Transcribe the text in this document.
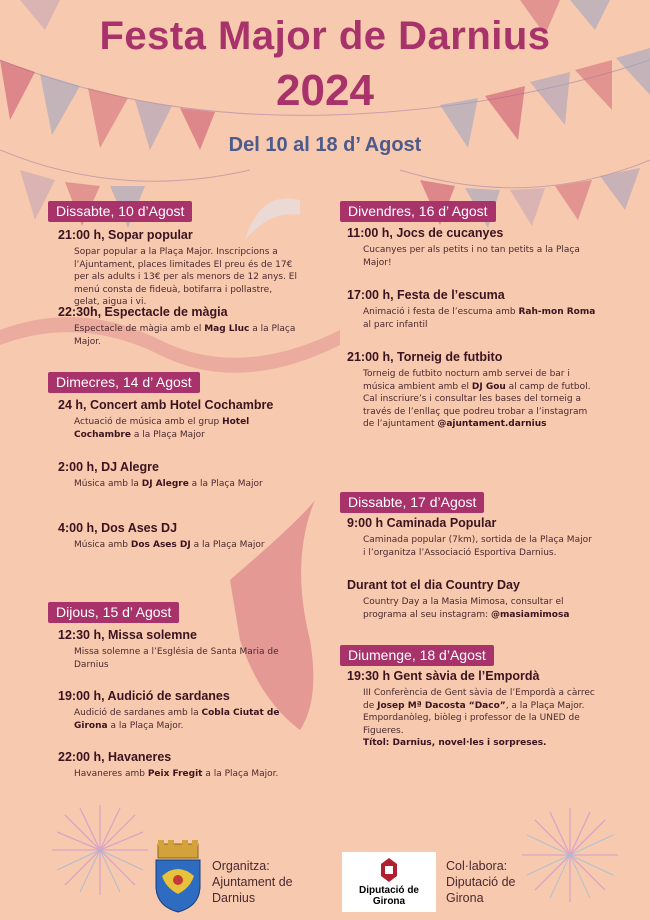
Festa Major de Darnius
2024
Del 10 al 18 d’ Agost
Dissabte, 10 d’Agost
21:00 h, Sopar popular

Sopar popular a la Plaça Major. Inscripcions a l’Ajuntament, places limitades El preu és de 17€ per als adults i 13€ per als menors de 12 anys. El menú consta de fideuà, botifarra i pollastre, gelat, aigua i vi.

22:30h, Espectacle de màgia

Espectacle de màgia amb el Mag Lluc a la Plaça Major.

Dimecres, 14 d’ Agost
24 h, Concert amb Hotel Cochambre

Actuació de música amb el grup Hotel Cochambre a la Plaça Major

2:00 h, DJ Alegre

Música amb la DJ Alegre a la Plaça Major

4:00 h, Dos Ases DJ

Música amb Dos Ases DJ a la Plaça Major

Dijous, 15 d’ Agost
12:30 h, Missa solemne

Missa solemne a l’Església de Santa Maria de Darnius

19:00 h, Audició de sardanes

Audició de sardanes amb la Cobla Ciutat de Girona a la Plaça Major.

22:00 h, Havaneres

Havaneres amb Peix Fregit a la Plaça Major.

Divendres, 16 d’ Agost
11:00 h, Jocs de cucanyes

Cucanyes per als petits i no tan petits a la Plaça Major!

17:00 h, Festa de l’escuma

Animació i festa de l’escuma amb Rah-mon Roma al parc infantil

21:00 h, Torneig de futbito

Torneig de futbito nocturn amb servei de bar i música ambient amb el DJ Gou al camp de futbol. Cal inscriure’s i consultar les bases del torneig a través de l’enllaç que podreu trobar a l’instagram de l’ajuntament @ajuntament.darnius

Dissabte, 17 d’Agost
9:00 h Caminada Popular

Caminada popular (7km), sortida de la Plaça Major i l’organitza l’Associació Esportiva Darnius.

Durant tot el dia Country Day

Country Day a la Masia Mimosa, consultar el programa al seu instagram: @masiamimosa

Diumenge, 18 d’Agost
19:30 h Gent sàvia de l’Empordà

III Conferència de Gent sàvia de l’Empordà a càrrec de Josep Mª Dacosta “Daco”, a la Plaça Major.
Empordanòleg, biòleg i professor de la UNED de Figueres.
Títol: Darnius, novel·les i sorpreses.

Organitza:
Ajuntament de Darnius
Diputació de Girona
Col·labora:
Diputació de Girona
